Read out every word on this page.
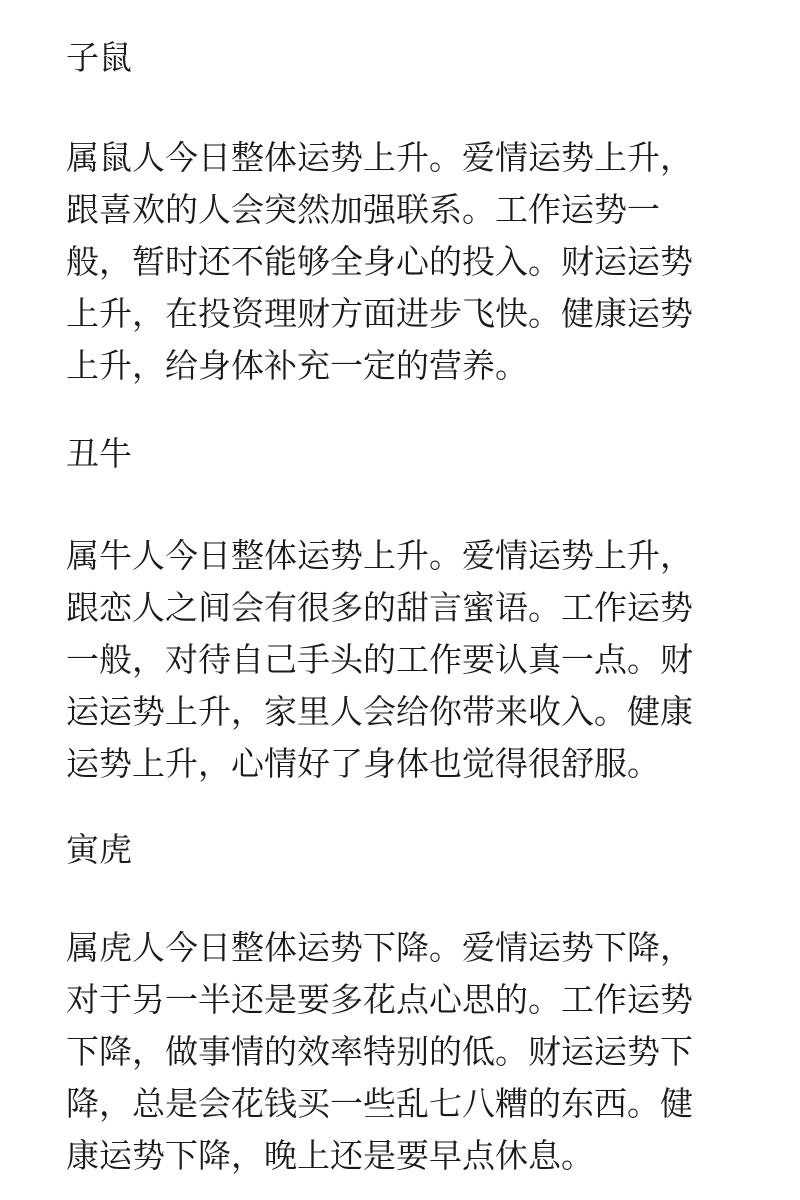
子鼠
属鼠人今日整体运势上升。爱情运势上升，
跟喜欢的人会突然加强联系。工作运势一
般，暂时还不能够全身心的投入。财运运势
上升，在投资理财方面进步飞快。健康运势
上升，给身体补充一定的营养。
丑牛
属牛人今日整体运势上升。爱情运势上升，
跟恋人之间会有很多的甜言蜜语。工作运势
一般，对待自己手头的工作要认真一点。财
运运势上升，家里人会给你带来收入。健康
运势上升，心情好了身体也觉得很舒服。
寅虎
属虎人今日整体运势下降。爱情运势下降，
对于另一半还是要多花点心思的。工作运势
下降，做事情的效率特别的低。财运运势下
降，总是会花钱买一些乱七八糟的东西。健
康运势下降，晚上还是要早点休息。
